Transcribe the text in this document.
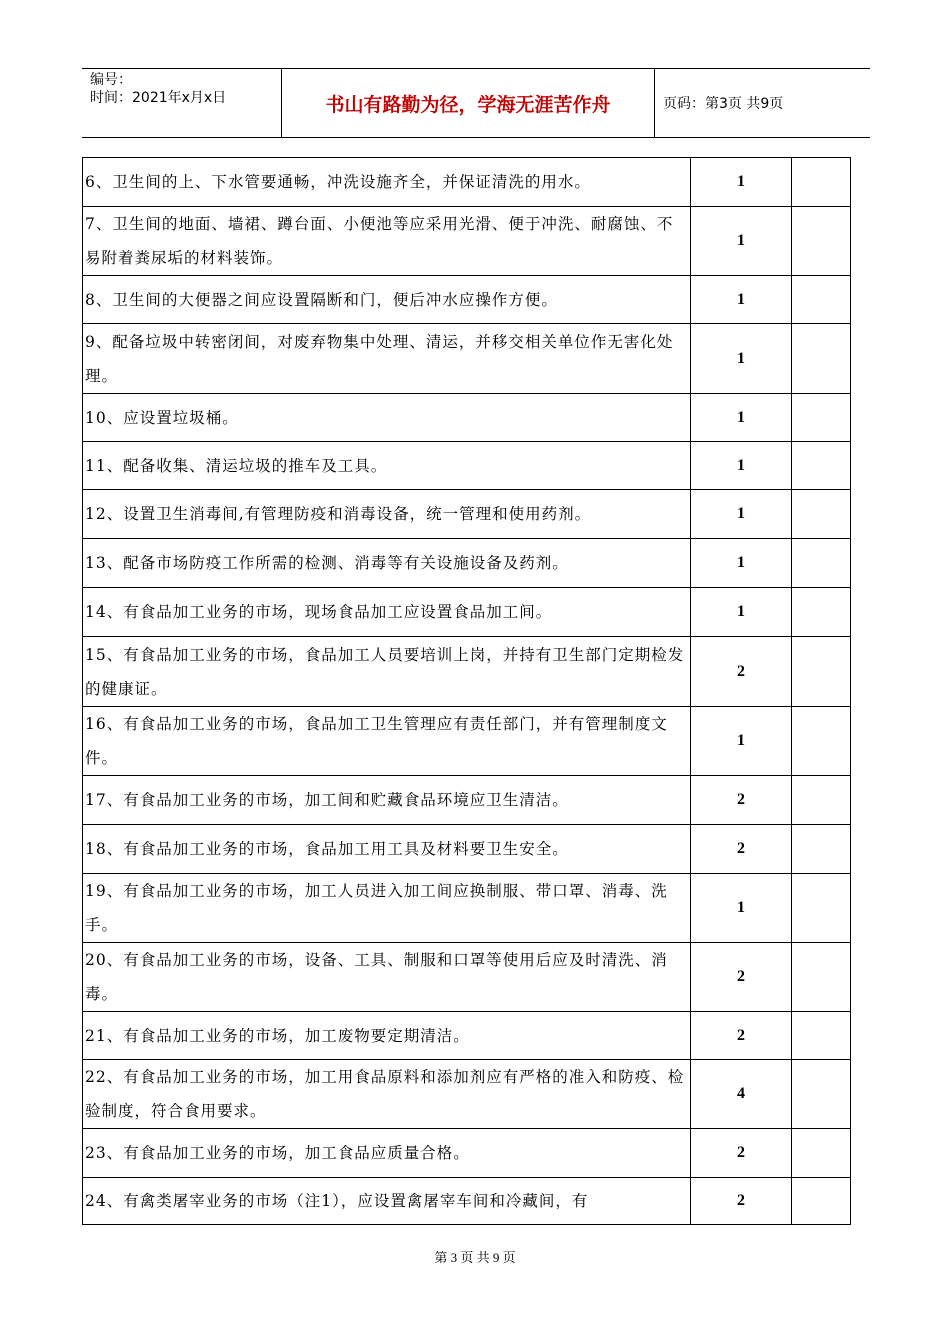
编号：
时间：2021年x月x日	书山有路勤为径，学海无涯苦作舟	页码：第3页 共9页
6、卫生间的上、下水管要通畅，冲洗设施齐全，并保证清洗的用水。	1	
7、卫生间的地面、墙裙、蹲台面、小便池等应采用光滑、便于冲洗、耐腐蚀、不易附着粪尿垢的材料装饰。	1	
8、卫生间的大便器之间应设置隔断和门，便后冲水应操作方便。	1	
9、配备垃圾中转密闭间，对废弃物集中处理、清运，并移交相关单位作无害化处理。	1	
10、应设置垃圾桶。	1	
11、配备收集、清运垃圾的推车及工具。	1	
12、设置卫生消毒间,有管理防疫和消毒设备，统一管理和使用药剂。	1	
13、配备市场防疫工作所需的检测、消毒等有关设施设备及药剂。	1	
14、有食品加工业务的市场，现场食品加工应设置食品加工间。	1	
15、有食品加工业务的市场，食品加工人员要培训上岗，并持有卫生部门定期检发的健康证。	2	
16、有食品加工业务的市场，食品加工卫生管理应有责任部门，并有管理制度文件。	1	
17、有食品加工业务的市场，加工间和贮藏食品环境应卫生清洁。	2	
18、有食品加工业务的市场，食品加工用工具及材料要卫生安全。	2	
19、有食品加工业务的市场，加工人员进入加工间应换制服、带口罩、消毒、洗手。	1	
20、有食品加工业务的市场，设备、工具、制服和口罩等使用后应及时清洗、消毒。	2	
21、有食品加工业务的市场，加工废物要定期清洁。	2	
22、有食品加工业务的市场，加工用食品原料和添加剂应有严格的准入和防疫、检验制度，符合食用要求。	4	
23、有食品加工业务的市场，加工食品应质量合格。	2	
24、有禽类屠宰业务的市场（注1），应设置禽屠宰车间和冷藏间，有	2	
第 3 页 共 9 页
